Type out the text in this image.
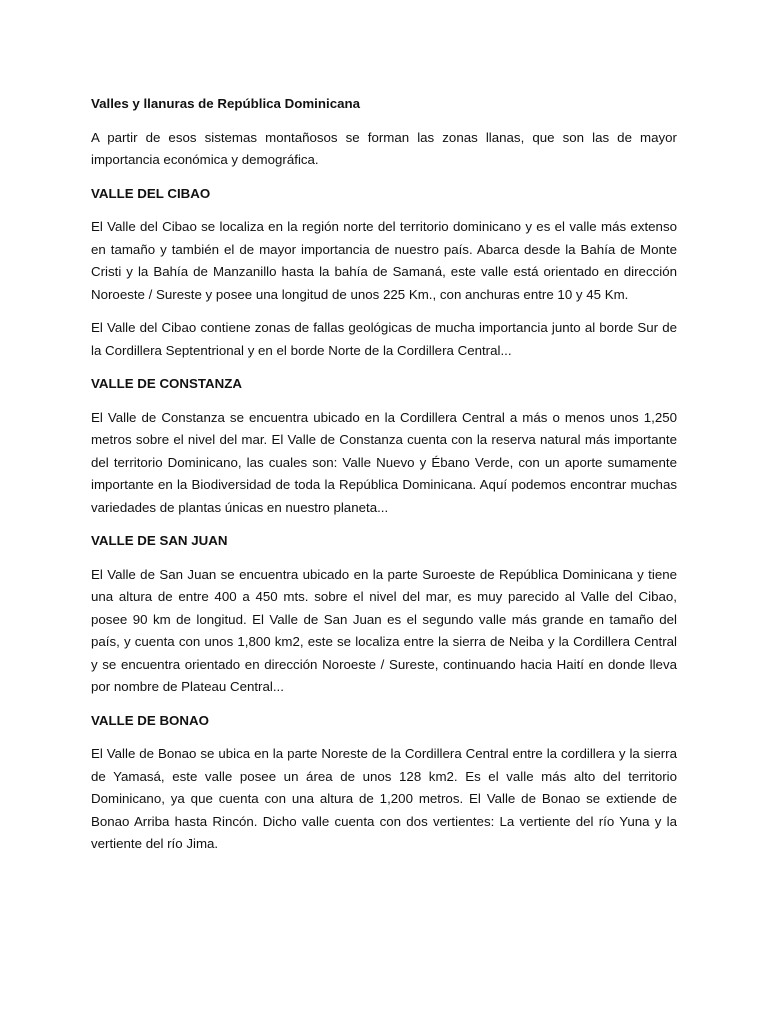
Valles y llanuras de República Dominicana

A partir de esos sistemas montañosos se forman las zonas llanas, que son las de mayor importancia económica y demográfica.

VALLE DEL CIBAO

El Valle del Cibao se localiza en la región norte del territorio dominicano y es el valle más extenso en tamaño y también el de mayor importancia de nuestro país. Abarca desde la Bahía de Monte Cristi y la Bahía de Manzanillo hasta la bahía de Samaná, este valle está orientado en dirección Noroeste / Sureste y posee una longitud de unos 225 Km., con anchuras entre 10 y 45 Km.

El Valle del Cibao contiene zonas de fallas geológicas de mucha importancia junto al borde Sur de la Cordillera Septentrional y en el borde Norte de la Cordillera Central...

VALLE DE CONSTANZA

El Valle de Constanza se encuentra ubicado en la Cordillera Central a más o menos unos 1,250 metros sobre el nivel del mar. El Valle de Constanza cuenta con la reserva natural más importante del territorio Dominicano, las cuales son: Valle Nuevo y Ébano Verde, con un aporte sumamente importante en la Biodiversidad de toda la República Dominicana. Aquí podemos encontrar muchas variedades de plantas únicas en nuestro planeta...

VALLE DE SAN JUAN

El Valle de San Juan se encuentra ubicado en la parte Suroeste de República Dominicana y tiene una altura de entre 400 a 450 mts. sobre el nivel del mar, es muy parecido al Valle del Cibao, posee 90 km de longitud. El Valle de San Juan es el segundo valle más grande en tamaño del país, y cuenta con unos 1,800 km2, este se localiza entre la sierra de Neiba y la Cordillera Central y se encuentra orientado en dirección Noroeste / Sureste, continuando hacia Haití en donde lleva por nombre de Plateau Central...

VALLE DE BONAO

El Valle de Bonao se ubica en la parte Noreste de la Cordillera Central entre la cordillera y la sierra de Yamasá, este valle posee un área de unos 128 km2. Es el valle más alto del territorio Dominicano, ya que cuenta con una altura de 1,200 metros. El Valle de Bonao se extiende de Bonao Arriba hasta Rincón. Dicho valle cuenta con dos vertientes: La vertiente del río Yuna y la vertiente del río Jima.
